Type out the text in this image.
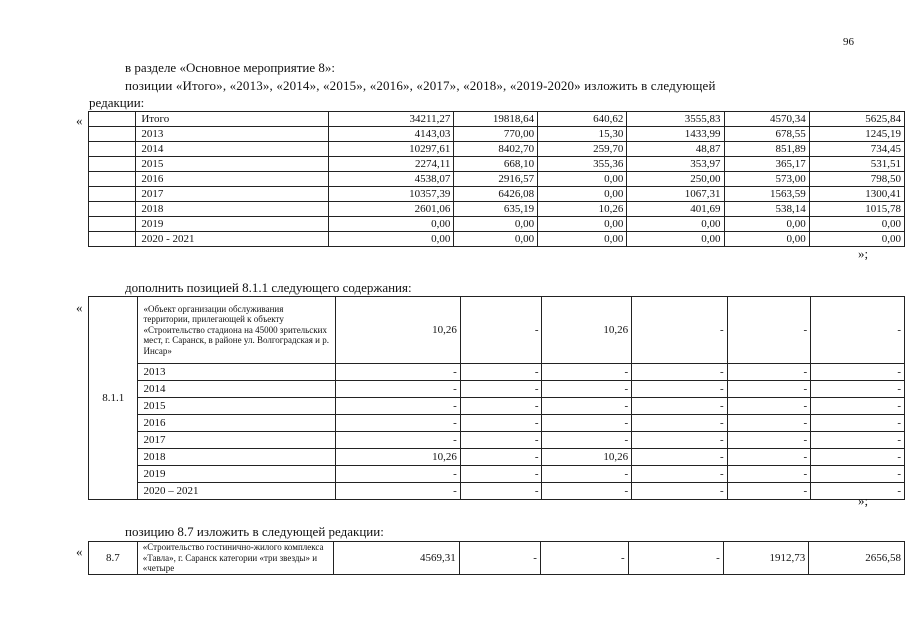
96
в разделе «Основное мероприятие 8»:
позиции «Итого», «2013», «2014», «2015», «2016», «2017», «2018», «2019-2020» изложить в следующей
редакции:
«
		Итого	34211,27	19818,64	640,62	3555,83	4570,34	5625,84
	2013	4143,03	770,00	15,30	1433,99	678,55	1245,19
	2014	10297,61	8402,70	259,70	48,87	851,89	734,45
	2015	2274,11	668,10	355,36	353,97	365,17	531,51
	2016	4538,07	2916,57	0,00	250,00	573,00	798,50
	2017	10357,39	6426,08	0,00	1067,31	1563,59	1300,41
	2018	2601,06	635,19	10,26	401,69	538,14	1015,78
	2019	0,00	0,00	0,00	0,00	0,00	0,00
	2020 - 2021	0,00	0,00	0,00	0,00	0,00	0,00
»;
дополнить позицией 8.1.1 следующего содержания:
«
8.1.1	«Объект организации обслуживания территории, прилегающей к объекту «Строительство стадиона на 45000 зрительских мест, г. Саранск, в районе ул. Волгоградская и р. Инсар»	10,26	-	10,26	-	-	-
	2013	-	-	-	-	-	-
	2014	-	-	-	-	-	-
	2015	-	-	-	-	-	-
	2016	-	-	-	-	-	-
	2017	-	-	-	-	-	-
	2018	10,26	-	10,26	-	-	-
	2019	-	-	-	-	-	-
	2020 – 2021	-	-	-	-	-	-
»;
позицию 8.7 изложить в следующей редакции:
« 8.7	«Строительство гостинично-жилого комплекса «Тавла», г. Саранск категории «три звезды» и «четыре	4569,31	-	-	-	1912,73	2656,58
